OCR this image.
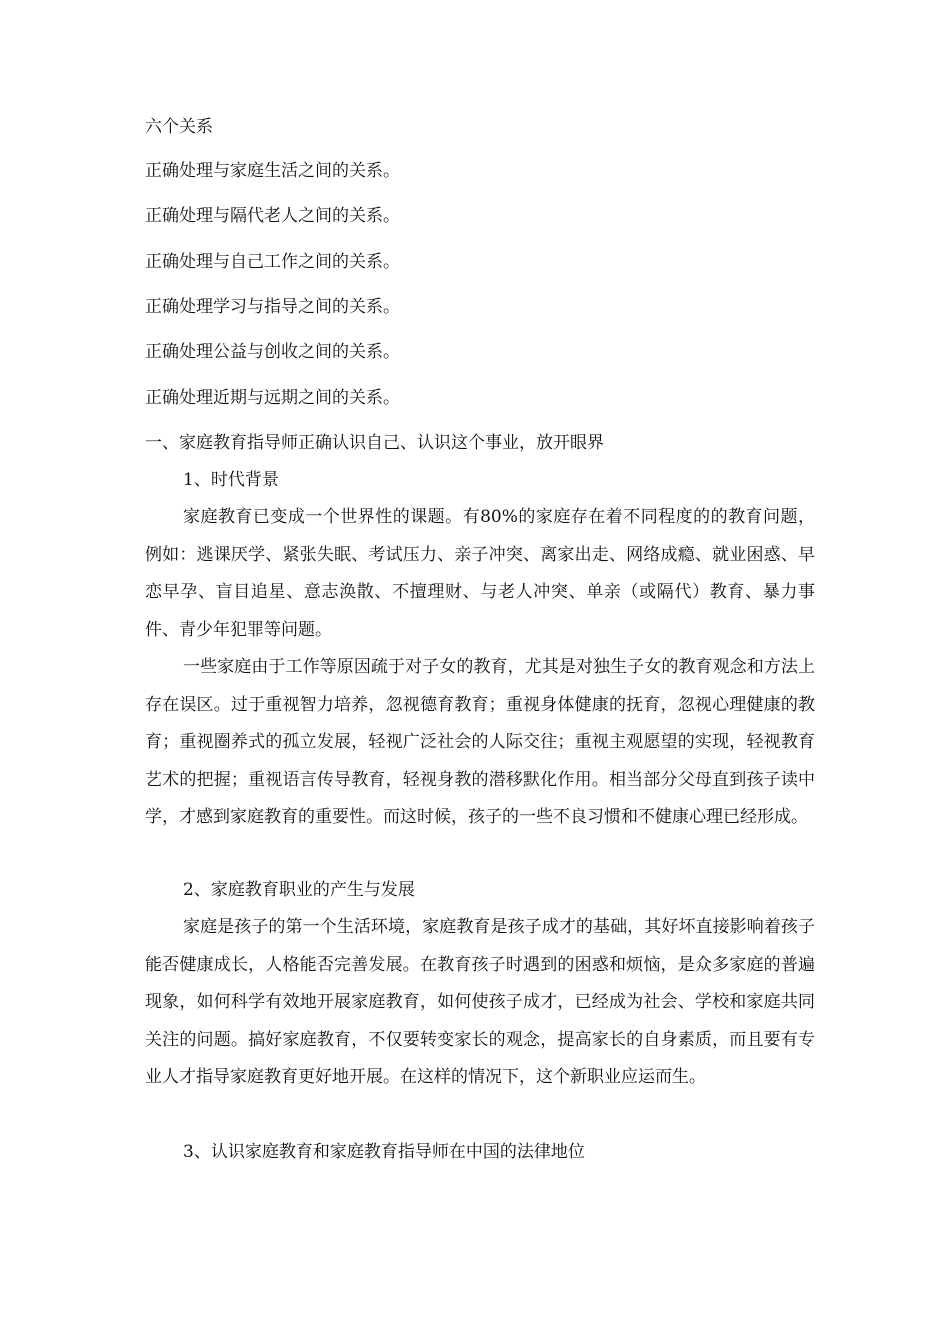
六个关系
正确处理与家庭生活之间的关系。
正确处理与隔代老人之间的关系。
正确处理与自己工作之间的关系。
正确处理学习与指导之间的关系。
正确处理公益与创收之间的关系。
正确处理近期与远期之间的关系。
一、家庭教育指导师正确认识自己、认识这个事业，放开眼界
1、时代背景
家庭教育已变成一个世界性的课题。有80%的家庭存在着不同程度的的教育问题，例如：逃课厌学、紧张失眠、考试压力、亲子冲突、离家出走、网络成瘾、就业困惑、早恋早孕、盲目追星、意志涣散、不擅理财、与老人冲突、单亲（或隔代）教育、暴力事件、青少年犯罪等问题。
一些家庭由于工作等原因疏于对子女的教育，尤其是对独生子女的教育观念和方法上存在误区。过于重视智力培养，忽视德育教育；重视身体健康的抚育，忽视心理健康的教育；重视圈养式的孤立发展，轻视广泛社会的人际交往；重视主观愿望的实现，轻视教育艺术的把握；重视语言传导教育，轻视身教的潜移默化作用。相当部分父母直到孩子读中学，才感到家庭教育的重要性。而这时候，孩子的一些不良习惯和不健康心理已经形成。
2、家庭教育职业的产生与发展
家庭是孩子的第一个生活环境，家庭教育是孩子成才的基础，其好坏直接影响着孩子能否健康成长，人格能否完善发展。在教育孩子时遇到的困惑和烦恼，是众多家庭的普遍现象，如何科学有效地开展家庭教育，如何使孩子成才，已经成为社会、学校和家庭共同关注的问题。搞好家庭教育，不仅要转变家长的观念，提高家长的自身素质，而且要有专业人才指导家庭教育更好地开展。在这样的情况下，这个新职业应运而生。
3、认识家庭教育和家庭教育指导师在中国的法律地位
